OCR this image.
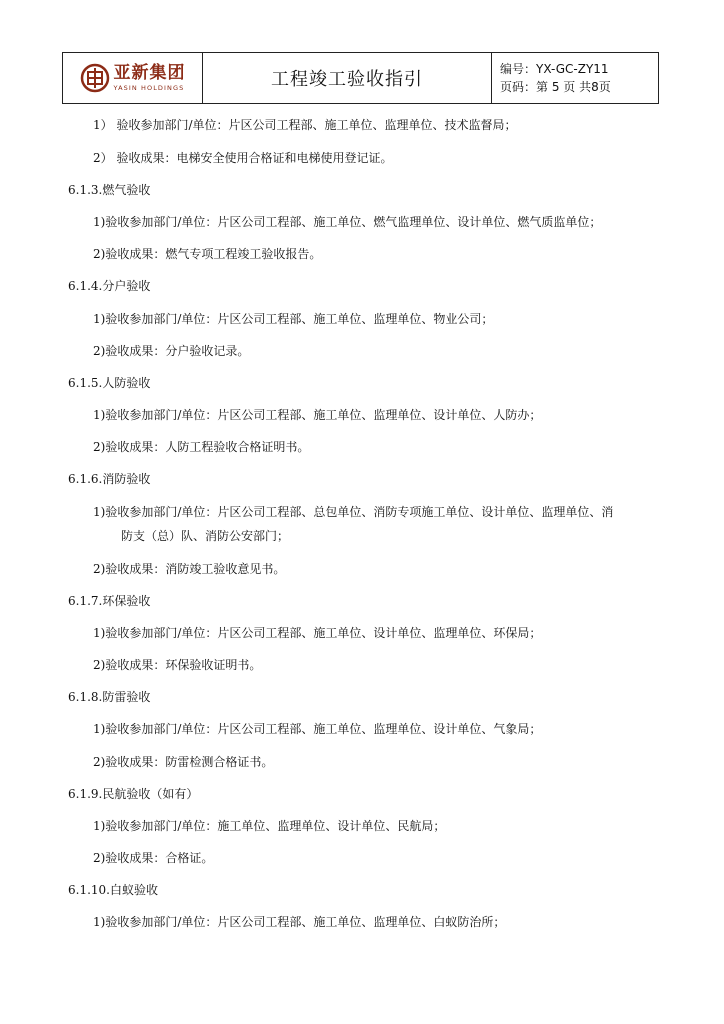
亚新集团
YASIN HOLDINGS	工程竣工验收指引	编号：YX-GC-ZY11
页码：第 5 页 共8页
1） 验收参加部门/单位：片区公司工程部、施工单位、监理单位、技术监督局；
2） 验收成果：电梯安全使用合格证和电梯使用登记证。
6.1.3.燃气验收
1)验收参加部门/单位：片区公司工程部、施工单位、燃气监理单位、设计单位、燃气质监单位；
2)验收成果：燃气专项工程竣工验收报告。
6.1.4.分户验收
1)验收参加部门/单位：片区公司工程部、施工单位、监理单位、物业公司；
2)验收成果：分户验收记录。
6.1.5.人防验收
1)验收参加部门/单位：片区公司工程部、施工单位、监理单位、设计单位、人防办；
2)验收成果：人防工程验收合格证明书。
6.1.6.消防验收
1)验收参加部门/单位：片区公司工程部、总包单位、消防专项施工单位、设计单位、监理单位、消
防支（总）队、消防公安部门；
2)验收成果：消防竣工验收意见书。
6.1.7.环保验收
1)验收参加部门/单位：片区公司工程部、施工单位、设计单位、监理单位、环保局；
2)验收成果：环保验收证明书。
6.1.8.防雷验收
1)验收参加部门/单位：片区公司工程部、施工单位、监理单位、设计单位、气象局；
2)验收成果：防雷检测合格证书。
6.1.9.民航验收（如有）
1)验收参加部门/单位：施工单位、监理单位、设计单位、民航局；
2)验收成果：合格证。
6.1.10.白蚁验收
1)验收参加部门/单位：片区公司工程部、施工单位、监理单位、白蚁防治所；
